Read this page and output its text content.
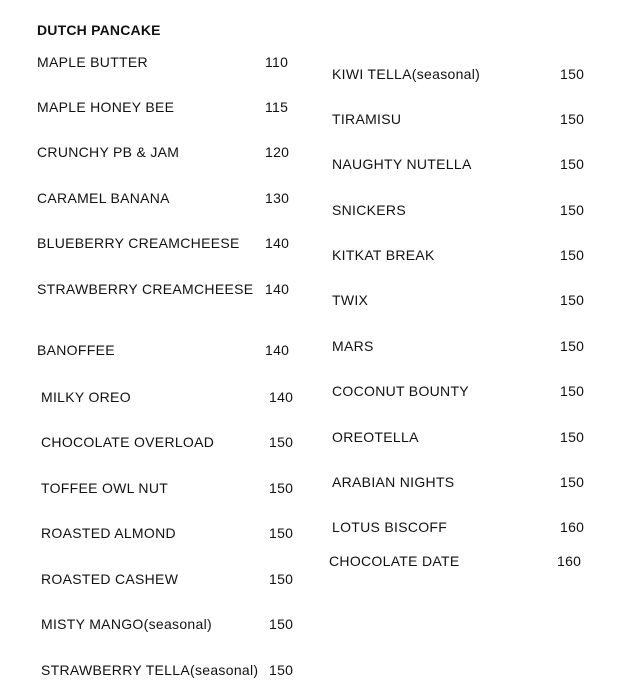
DUTCH PANCAKE
MAPLE BUTTER	110
MAPLE HONEY BEE	115
CRUNCHY PB & JAM	120
CARAMEL BANANA	130
BLUEBERRY CREAMCHEESE 140
STRAWBERRY CREAMCHEESE 140
BANOFFEE	140
MILKY OREO	140
CHOCOLATE OVERLOAD	150
TOFFEE OWL NUT	150
ROASTED ALMOND	150
ROASTED CASHEW	150
MISTY MANGO(seasonal)	150
STRAWBERRY TELLA(seasonal) 150
KIWI TELLA(seasonal)	150
TIRAMISU	150
NAUGHTY NUTELLA	150
SNICKERS	150
KITKAT BREAK	150
TWIX	150
MARS	150
COCONUT BOUNTY	150
OREOTELLA	150
ARABIAN NIGHTS	150
LOTUS BISCOFF	160
CHOCOLATE DATE	160
